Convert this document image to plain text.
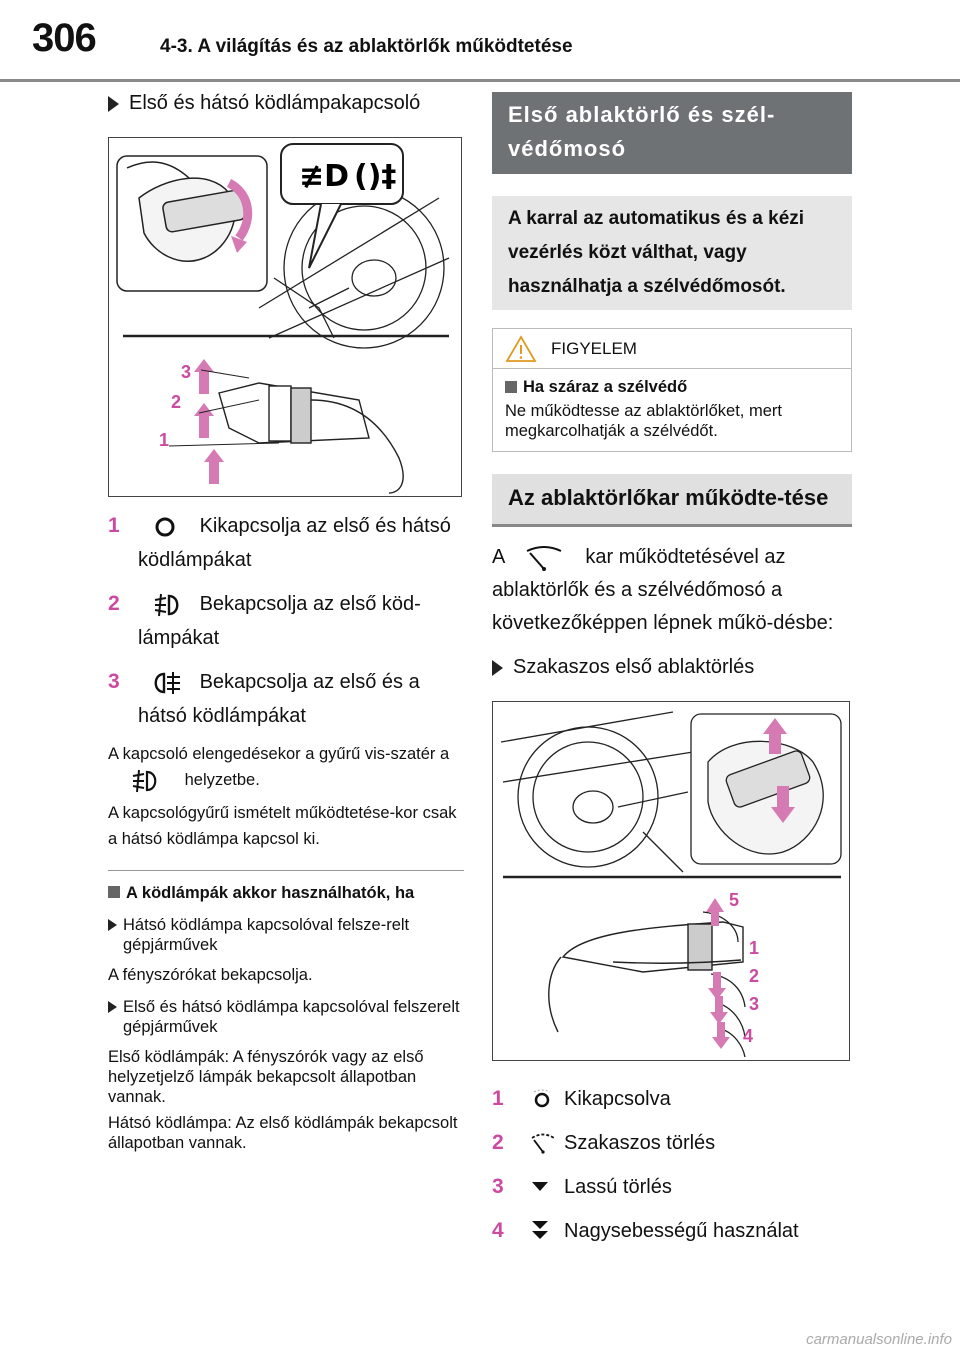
306	4-3. A világítás és az ablaktörlők működtetése
Első és hátsó ködlámpakapcsoló
≢D ()‡
3
2
1
1	Kikapcsolja az első és hátsó ködlámpákat
2	Bekapcsolja az első köd-lámpákat
3	Bekapcsolja az első és a hátsó ködlámpákat
A kapcsoló elengedésekor a gyűrű vis-szatér a
helyzetbe.
A kapcsológyűrű ismételt működtetése-kor csak a hátsó ködlámpa kapcsol ki.
A ködlámpák akkor használhatók, ha
Hátsó ködlámpa kapcsolóval felsze-relt gépjárművek
A fényszórókat bekapcsolja.
Első és hátsó ködlámpa kapcsolóval felszerelt gépjárművek
Első ködlámpák: A fényszórók vagy az első helyzetjelző lámpák bekapcsolt állapotban vannak.
Hátsó ködlámpa: Az első ködlámpák bekapcsolt állapotban vannak.
Első ablaktörlő és szél-védőmosó
A karral az automatikus és a kézi vezérlés közt válthat, vagy használhatja a szélvédőmosót.
FIGYELEM
Ha száraz a szélvédő
Ne működtesse az ablaktörlőket, mert megkarcolhatják a szélvédőt.
Az ablaktörlőkar működte-tése
A	kar működtetésével az ablaktörlők és a szélvédőmosó a következőképpen lépnek műkö-désbe:
Szakaszos első ablaktörlés
5
1
2
3
4
1	Kikapcsolva
2	Szakaszos törlés
3	Lassú törlés
4	Nagysebességű használat
carmanualsonline.info
